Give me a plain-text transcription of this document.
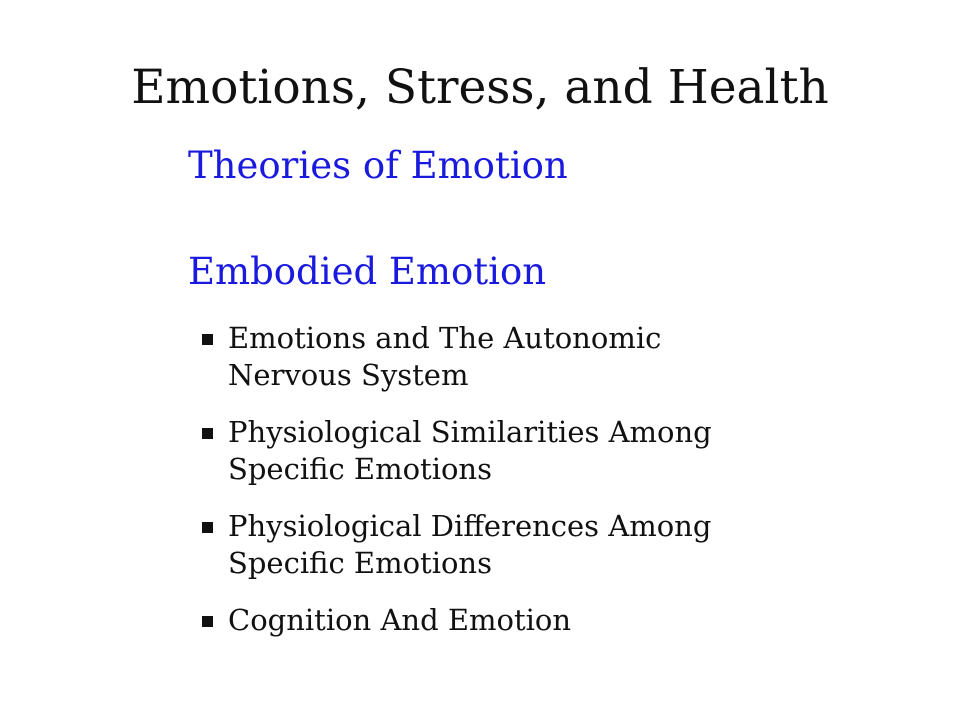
Emotions, Stress, and Health
Theories of Emotion
Embodied Emotion
Emotions and The Autonomic
Nervous System
Physiological Similarities Among
Specific Emotions
Physiological Differences Among
Specific Emotions
Cognition And Emotion
